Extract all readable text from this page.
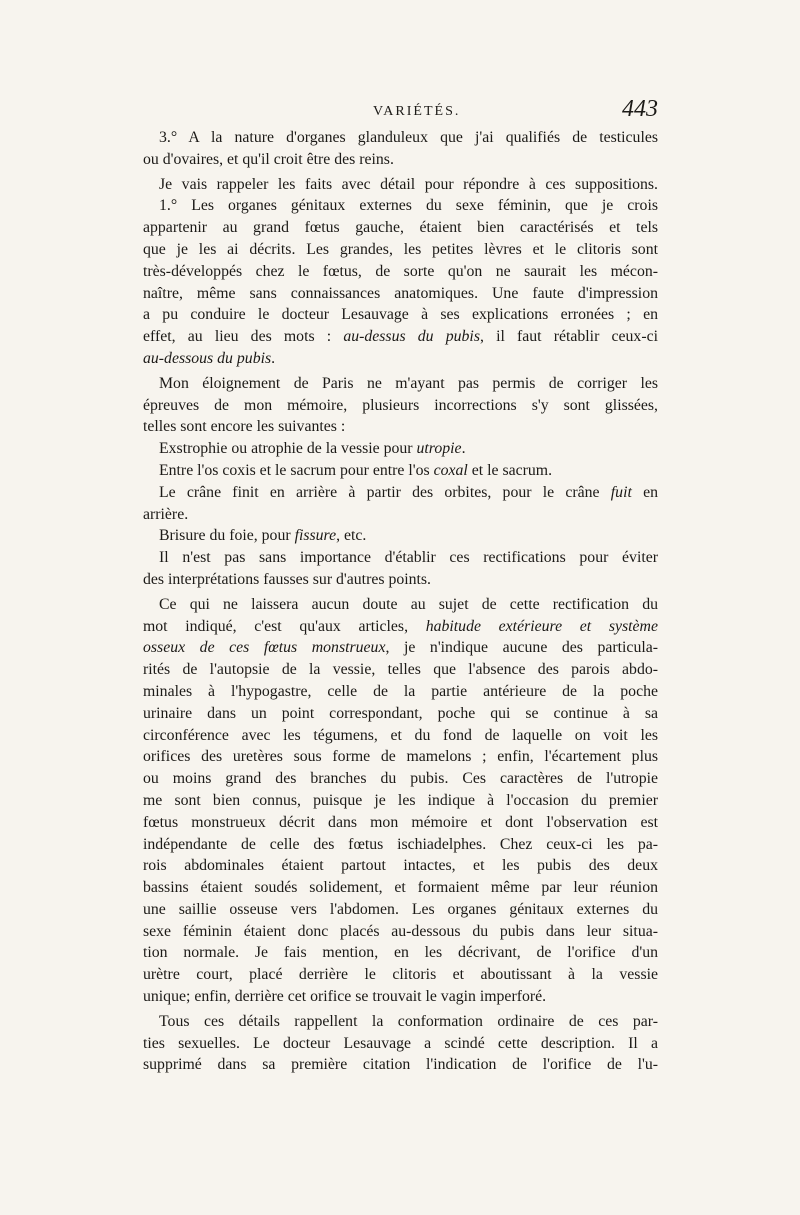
VARIÉTÉS.	443
3.° A la nature d'organes glanduleux que j'ai qualifiés de testicules
ou d'ovaires, et qu'il croit être des reins.
Je vais rappeler les faits avec détail pour répondre à ces suppositions.
1.° Les organes génitaux externes du sexe féminin, que je crois
appartenir au grand fœtus gauche, étaient bien caractérisés et tels
que je les ai décrits. Les grandes, les petites lèvres et le clitoris sont
très-développés chez le fœtus, de sorte qu'on ne saurait les mécon-
naître, même sans connaissances anatomiques. Une faute d'impression
a pu conduire le docteur Lesauvage à ses explications erronées ; en
effet, au lieu des mots : au-dessus du pubis, il faut rétablir ceux-ci
au-dessous du pubis.
Mon éloignement de Paris ne m'ayant pas permis de corriger les
épreuves de mon mémoire, plusieurs incorrections s'y sont glissées,
telles sont encore les suivantes :
Exstrophie ou atrophie de la vessie pour utropie.
Entre l'os coxis et le sacrum pour entre l'os coxal et le sacrum.
Le crâne finit en arrière à partir des orbites, pour le crâne fuit en
arrière.
Brisure du foie, pour fissure, etc.
Il n'est pas sans importance d'établir ces rectifications pour éviter
des interprétations fausses sur d'autres points.
Ce qui ne laissera aucun doute au sujet de cette rectification du
mot indiqué, c'est qu'aux articles, habitude extérieure et système
osseux de ces fœtus monstrueux, je n'indique aucune des particula-
rités de l'autopsie de la vessie, telles que l'absence des parois abdo-
minales à l'hypogastre, celle de la partie antérieure de la poche
urinaire dans un point correspondant, poche qui se continue à sa
circonférence avec les tégumens, et du fond de laquelle on voit les
orifices des uretères sous forme de mamelons ; enfin, l'écartement plus
ou moins grand des branches du pubis. Ces caractères de l'utropie
me sont bien connus, puisque je les indique à l'occasion du premier
fœtus monstrueux décrit dans mon mémoire et dont l'observation est
indépendante de celle des fœtus ischiadelphes. Chez ceux-ci les pa-
rois abdominales étaient partout intactes, et les pubis des deux
bassins étaient soudés solidement, et formaient même par leur réunion
une saillie osseuse vers l'abdomen. Les organes génitaux externes du
sexe féminin étaient donc placés au-dessous du pubis dans leur situa-
tion normale. Je fais mention, en les décrivant, de l'orifice d'un
urètre court, placé derrière le clitoris et aboutissant à la vessie
unique; enfin, derrière cet orifice se trouvait le vagin imperforé.
Tous ces détails rappellent la conformation ordinaire de ces par-
ties sexuelles. Le docteur Lesauvage a scindé cette description. Il a
supprimé dans sa première citation l'indication de l'orifice de l'u-
